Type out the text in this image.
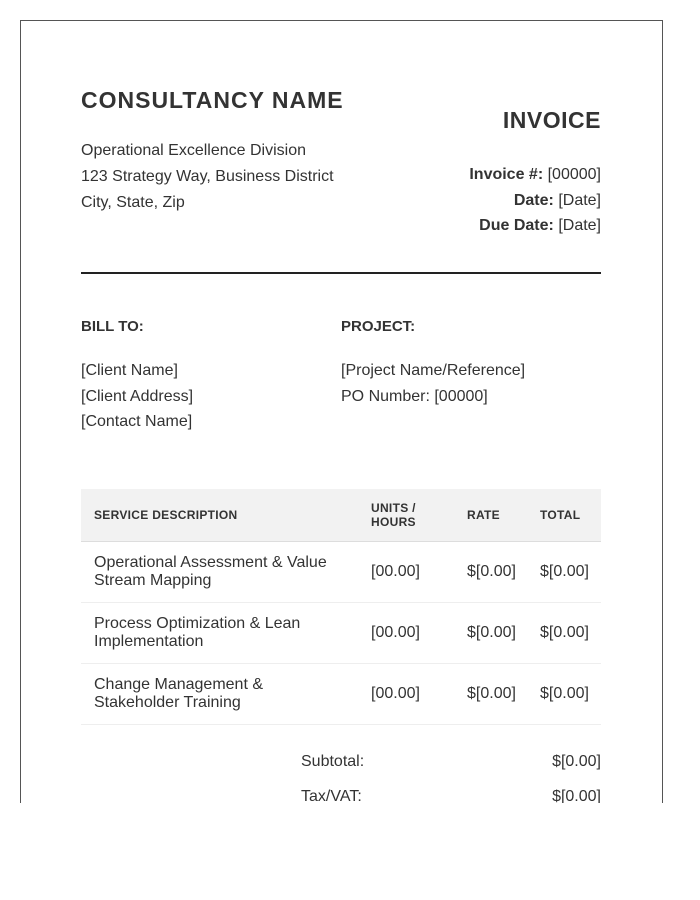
CONSULTANCY NAME
Operational Excellence Division
123 Strategy Way, Business District
City, State, Zip
INVOICE
Invoice #: [00000]
Date: [Date]
Due Date: [Date]
BILL TO:
[Client Name]
[Client Address]
[Contact Name]
PROJECT:
[Project Name/Reference]
PO Number: [00000]
SERVICE DESCRIPTION	UNITS / HOURS	RATE	TOTAL
Operational Assessment & Value Stream Mapping	[00.00]	$[0.00]	$[0.00]
Process Optimization & Lean Implementation	[00.00]	$[0.00]	$[0.00]
Change Management & Stakeholder Training	[00.00]	$[0.00]	$[0.00]
Subtotal:	$[0.00]
Tax/VAT:	$[0.00]
